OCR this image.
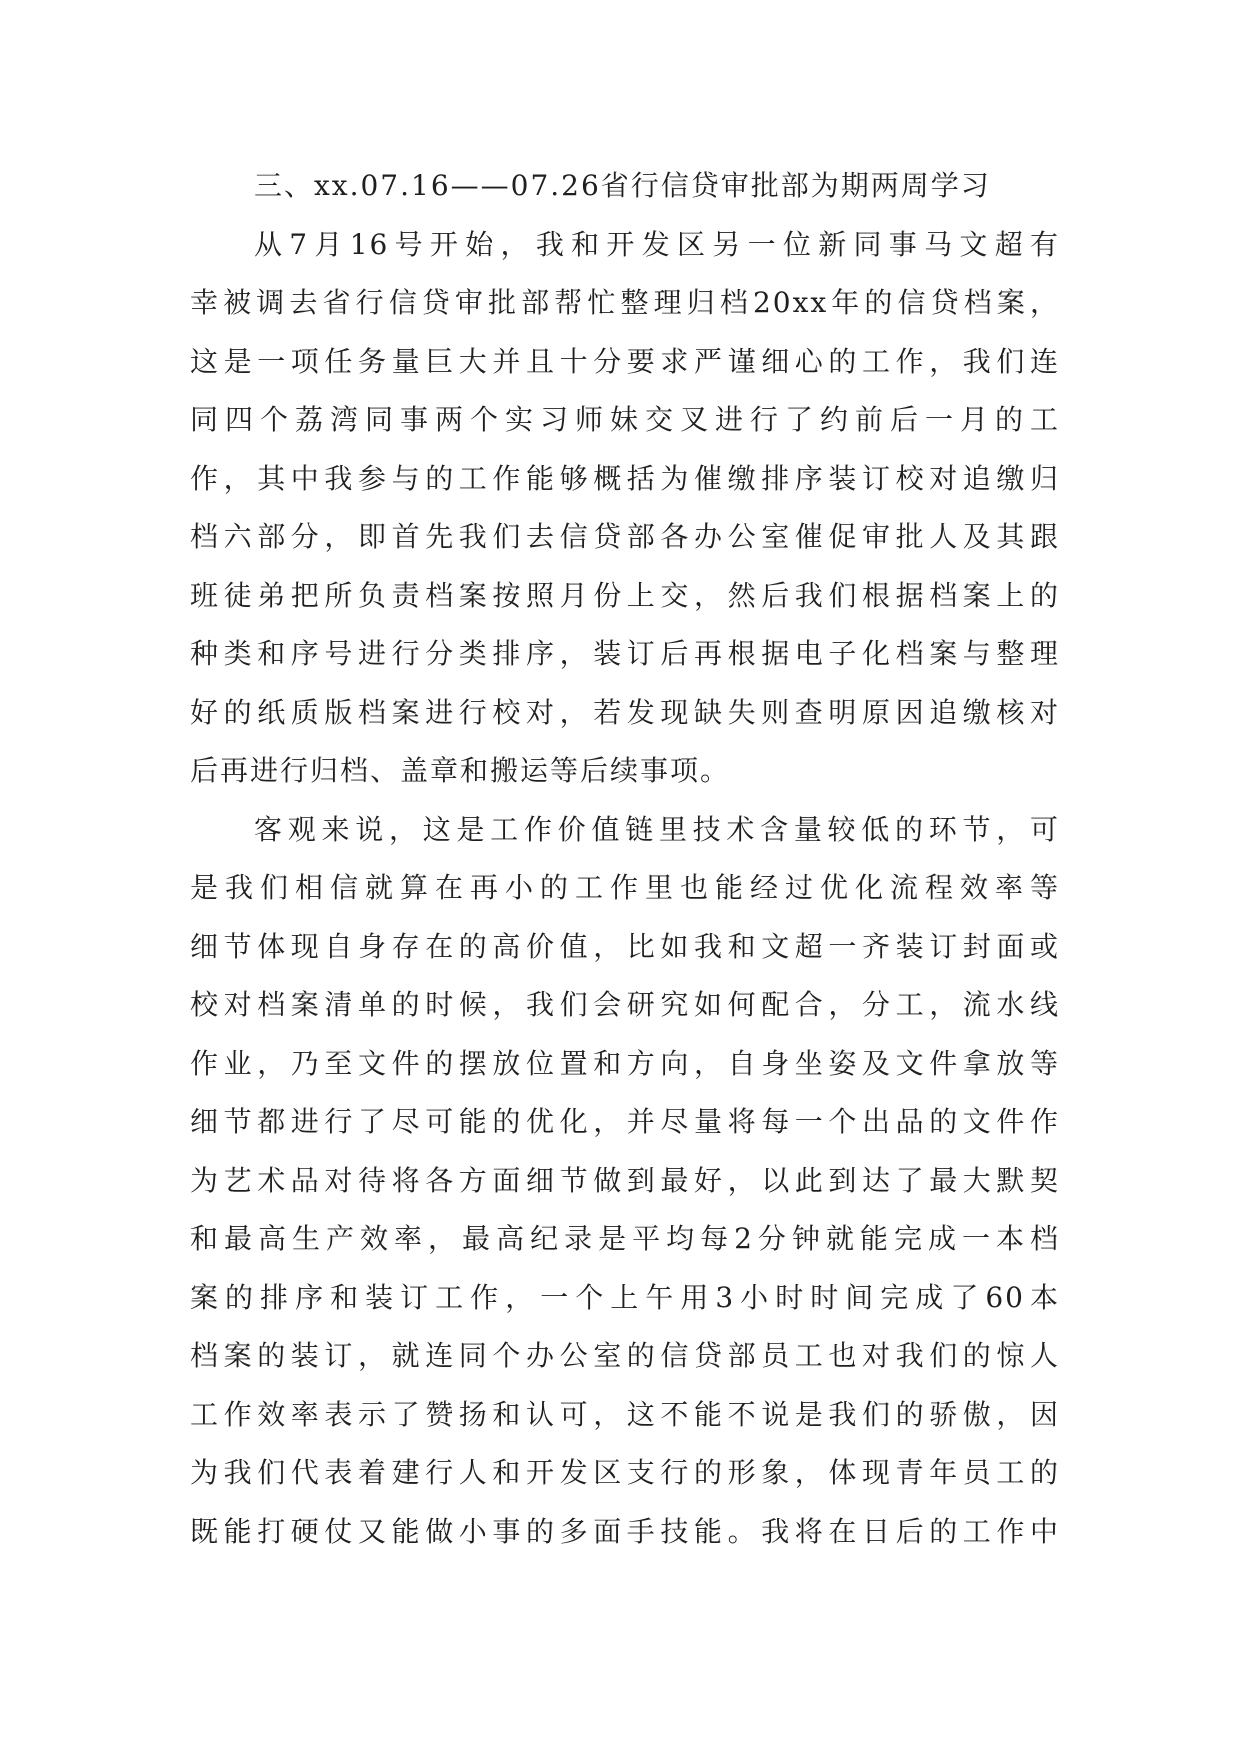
三、xx.07.16——07.26省行信贷审批部为期两周学习
从7月16号开始，我和开发区另一位新同事马文超有
幸被调去省行信贷审批部帮忙整理归档20xx年的信贷档案，
这是一项任务量巨大并且十分要求严谨细心的工作，我们连
同四个荔湾同事两个实习师妹交叉进行了约前后一月的工
作，其中我参与的工作能够概括为催缴排序装订校对追缴归
档六部分，即首先我们去信贷部各办公室催促审批人及其跟
班徒弟把所负责档案按照月份上交，然后我们根据档案上的
种类和序号进行分类排序，装订后再根据电子化档案与整理
好的纸质版档案进行校对，若发现缺失则查明原因追缴核对
后再进行归档、盖章和搬运等后续事项。
客观来说，这是工作价值链里技术含量较低的环节，可
是我们相信就算在再小的工作里也能经过优化流程效率等
细节体现自身存在的高价值，比如我和文超一齐装订封面或
校对档案清单的时候，我们会研究如何配合，分工，流水线
作业，乃至文件的摆放位置和方向，自身坐姿及文件拿放等
细节都进行了尽可能的优化，并尽量将每一个出品的文件作
为艺术品对待将各方面细节做到最好，以此到达了最大默契
和最高生产效率，最高纪录是平均每2分钟就能完成一本档
案的排序和装订工作，一个上午用3小时时间完成了60本
档案的装订，就连同个办公室的信贷部员工也对我们的惊人
工作效率表示了赞扬和认可，这不能不说是我们的骄傲，因
为我们代表着建行人和开发区支行的形象，体现青年员工的
既能打硬仗又能做小事的多面手技能。我将在日后的工作中
